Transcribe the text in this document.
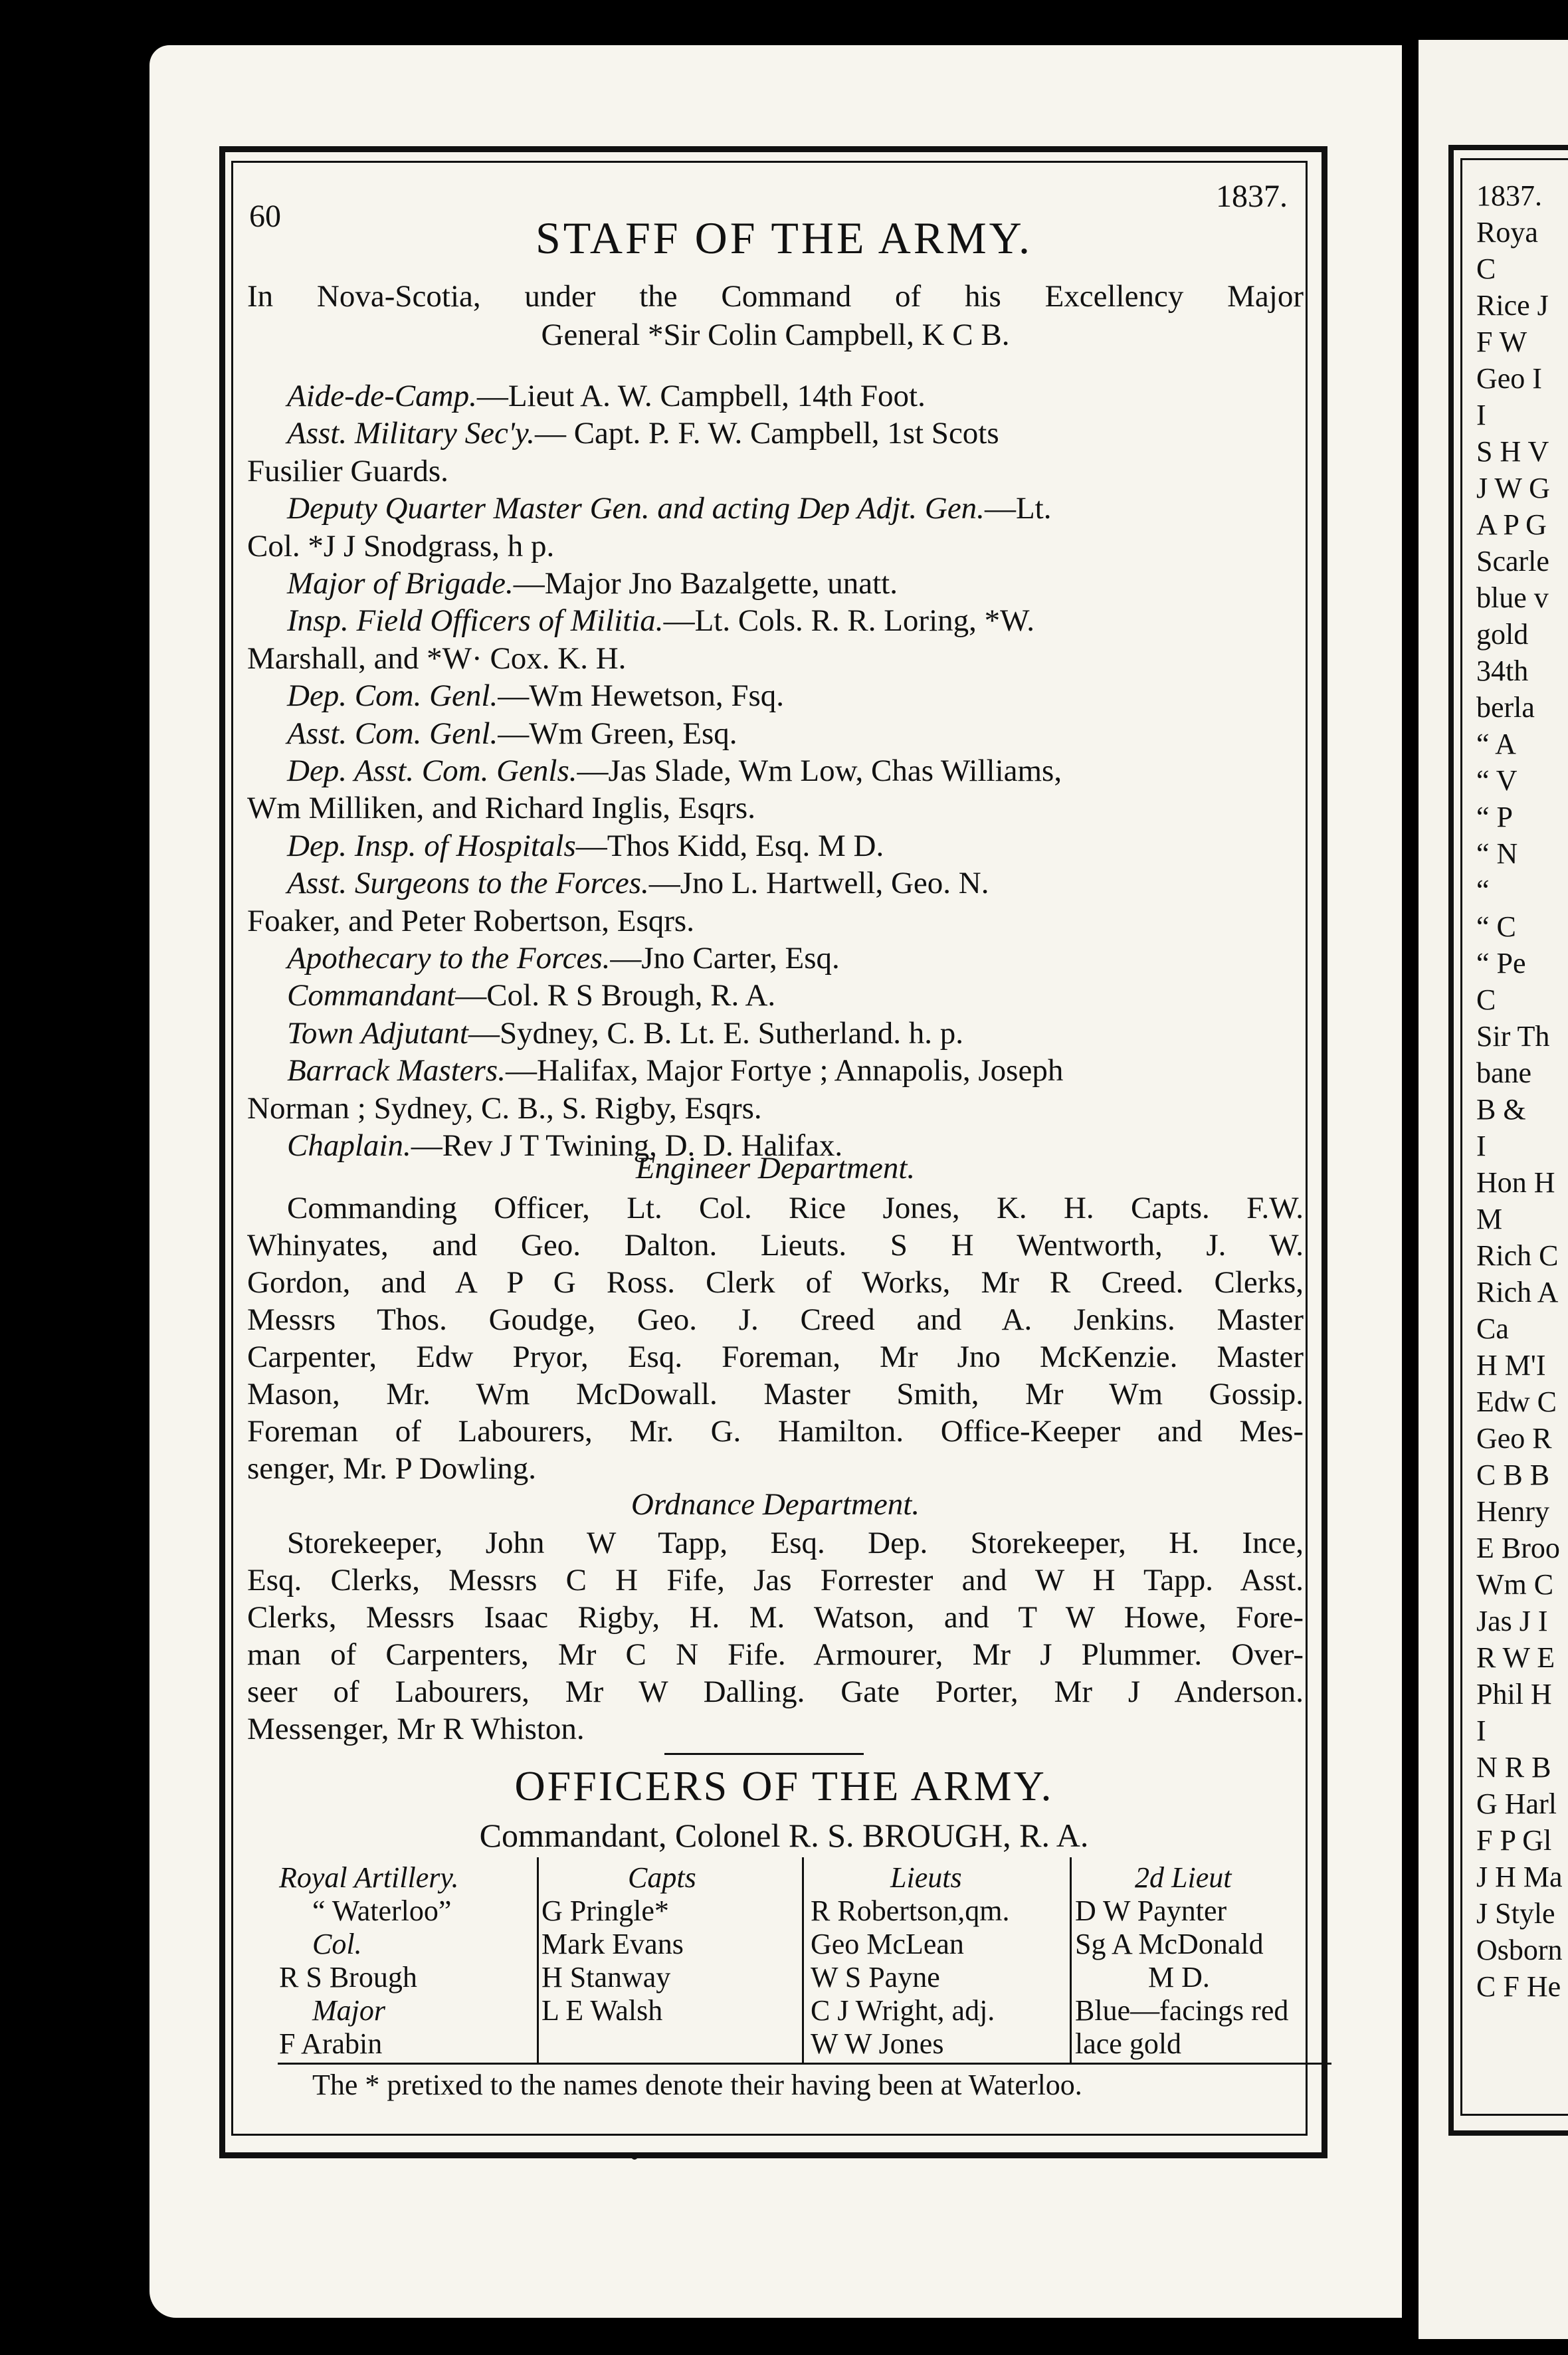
60
1837.
STAFF OF THE ARMY.
In Nova-Scotia, under the Command of his Excellency Major
General *Sir Colin Campbell, K C B.
Aide-de-Camp.—Lieut A. W. Campbell, 14th Foot.
Asst. Military Sec'y.— Capt. P. F. W. Campbell, 1st Scots
Fusilier Guards.
Deputy Quarter Master Gen. and acting Dep Adjt. Gen.—Lt.
Col. *J J Snodgrass, h p.
Major of Brigade.—Major Jno Bazalgette, unatt.
Insp. Field Officers of Militia.—Lt. Cols. R. R. Loring, *W.
Marshall, and *W· Cox. K. H.
Dep. Com. Genl.—Wm Hewetson, Fsq.
Asst. Com. Genl.—Wm Green, Esq.
Dep. Asst. Com. Genls.—Jas Slade, Wm Low, Chas Williams,
Wm Milliken, and Richard Inglis, Esqrs.
Dep. Insp. of Hospitals—Thos Kidd, Esq. M D.
Asst. Surgeons to the Forces.—Jno L. Hartwell, Geo. N.
Foaker, and Peter Robertson, Esqrs.
Apothecary to the Forces.—Jno Carter, Esq.
Commandant—Col. R S Brough, R. A.
Town Adjutant—Sydney, C. B. Lt. E. Sutherland. h. p.
Barrack Masters.—Halifax, Major Fortye ; Annapolis, Joseph
Norman ; Sydney, C. B., S. Rigby, Esqrs.
Chaplain.—Rev J T Twining, D. D. Halifax.
Engineer Department.
Commanding Officer, Lt. Col. Rice Jones, K. H. Capts. F.W.
Whinyates, and Geo. Dalton. Lieuts. S H Wentworth, J. W.
Gordon, and A P G Ross. Clerk of Works, Mr R Creed. Clerks,
Messrs Thos. Goudge, Geo. J. Creed and A. Jenkins. Master
Carpenter, Edw Pryor, Esq. Foreman, Mr Jno McKenzie. Master
Mason, Mr. Wm McDowall. Master Smith, Mr Wm Gossip.
Foreman of Labourers, Mr. G. Hamilton. Office-Keeper and Mes-
senger, Mr. P Dowling.
Ordnance Department.
Storekeeper, John W Tapp, Esq. Dep. Storekeeper, H. Ince,
Esq. Clerks, Messrs C H Fife, Jas Forrester and W H Tapp. Asst.
Clerks, Messrs Isaac Rigby, H. M. Watson, and T W Howe, Fore-
man of Carpenters, Mr C N Fife. Armourer, Mr J Plummer. Over-
seer of Labourers, Mr W Dalling. Gate Porter, Mr J Anderson.
Messenger, Mr R Whiston.
OFFICERS OF THE ARMY.
Commandant, Colonel R. S. BROUGH, R. A.
Royal Artillery.
“ Waterloo”
Col.
R S Brough
Major
F Arabin
Capts
G Pringle*
Mark Evans
H Stanway
L E Walsh
Lieuts
R Robertson,qm.
Geo McLean
W S Payne
C J Wright, adj.
W W Jones
2d Lieut
D W Paynter
Sg A McDonald
M D.
Blue—facings red
lace gold
The * pretixed to the names denote their having been at Waterloo.
1837.
Roya
C
Rice J
F W
Geo I
I
S H V
J W G
A P G
Scarle
blue v
gold
34th
berla
“ A
“ V
“ P
“ N
“
“ C
“ Pe
C
Sir Th
bane
B &
I
Hon H
M
Rich C
Rich A
Ca
H M'I
Edw C
Geo R
C B B
Henry
E Broo
Wm C
Jas J I
R W E
Phil H
I
N R B
G Harl
F P Gl
J H Ma
J Style
Osborn
C F He
